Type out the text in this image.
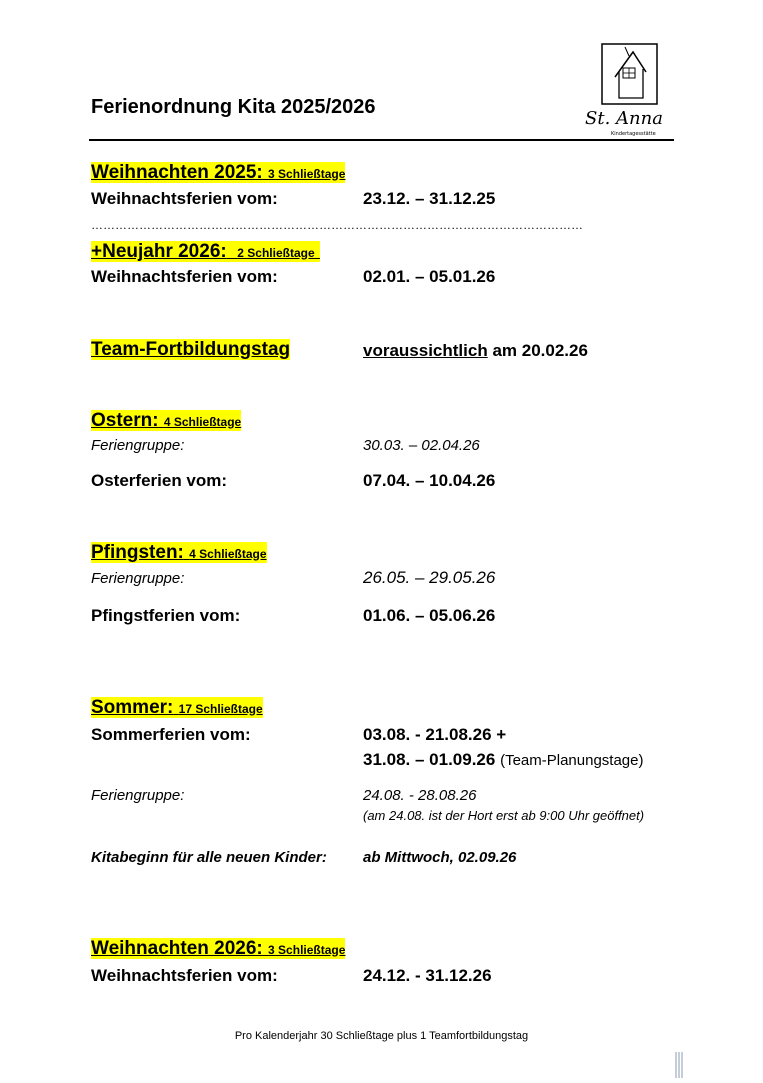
Ferienordnung Kita 2025/2026
St. Anna
Kindertagesstätte
Weihnachten 2025: 3 Schließtage
Weihnachtsferien vom:	23.12. – 31.12.25
……………………………………………………………………………………………………………
+Neujahr 2026: 2 Schließtage
Weihnachtsferien vom:	02.01. – 05.01.26
Team-Fortbildungstag	voraussichtlich am 20.02.26
Ostern: 4 Schließtage
Feriengruppe:	30.03. – 02.04.26
Osterferien vom:	07.04. – 10.04.26
Pfingsten: 4 Schließtage
Feriengruppe:	26.05. – 29.05.26
Pfingstferien vom:	01.06. – 05.06.26
Sommer: 17 Schließtage
Sommerferien vom:	03.08. - 21.08.26 +
31.08. – 01.09.26 (Team-Planungstage)
Feriengruppe:	24.08. - 28.08.26
(am 24.08. ist der Hort erst ab 9:00 Uhr geöffnet)
Kitabeginn für alle neuen Kinder: ab Mittwoch, 02.09.26
Weihnachten 2026: 3 Schließtage
Weihnachtsferien vom:	24.12. - 31.12.26
Pro Kalenderjahr 30 Schließtage plus 1 Teamfortbildungstag
